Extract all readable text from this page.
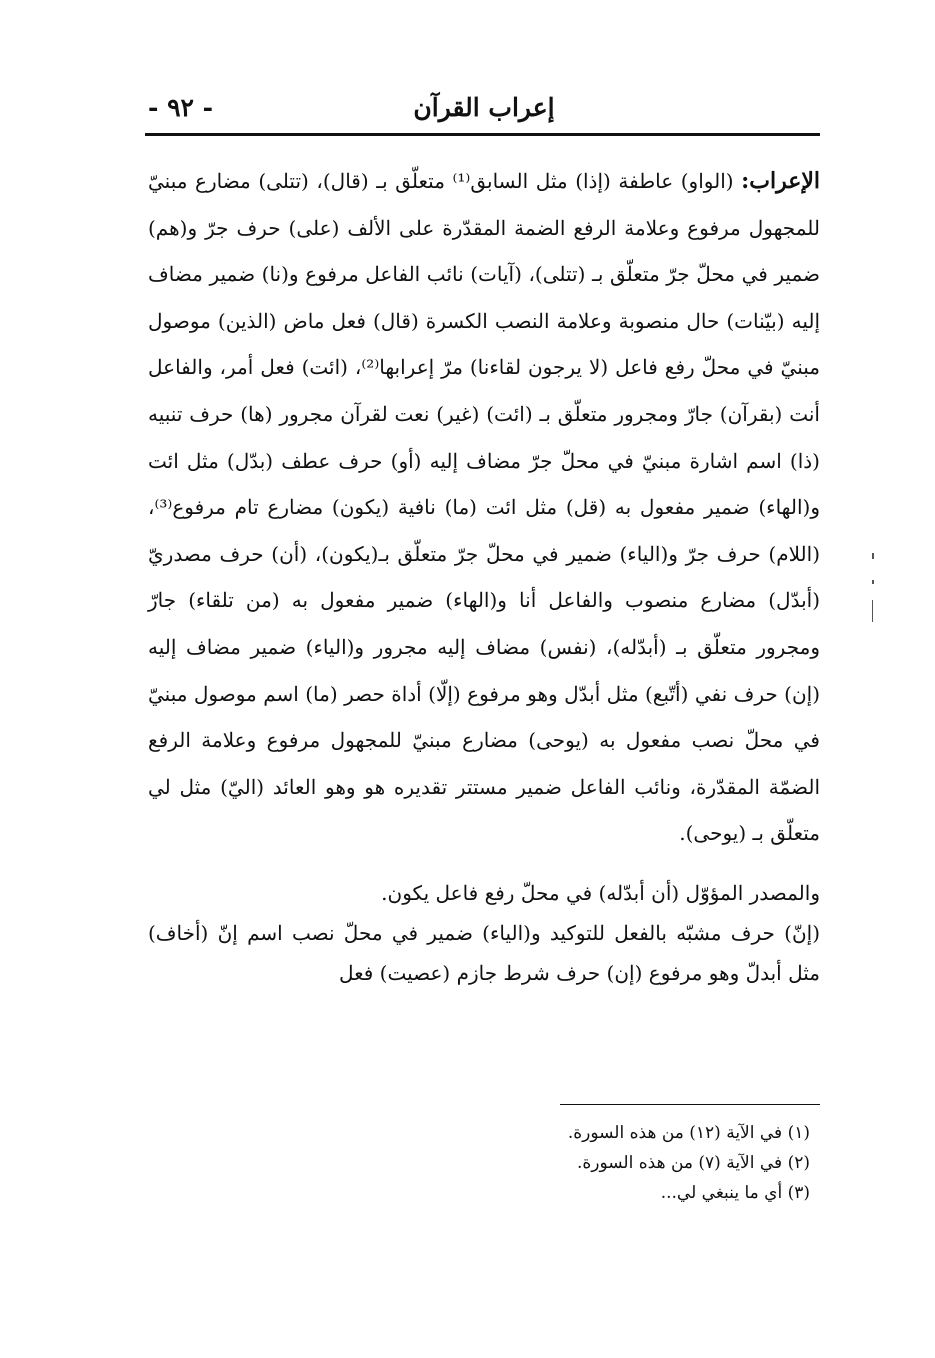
إعراب القرآن
- ٩٢ -

الإعراب: (الواو) عاطفة (إذا) مثل السابق⁽¹⁾ متعلّق بـ (قال)، (تتلى) مضارع مبنيّ للمجهول مرفوع وعلامة الرفع الضمة المقدّرة على الألف (على) حرف جرّ و(هم) ضمير في محلّ جرّ متعلّق بـ (تتلى)، (آيات) نائب الفاعل مرفوع و(نا) ضمير مضاف إليه (بيّنات) حال منصوبة وعلامة النصب الكسرة (قال) فعل ماض (الذين) موصول مبنيّ في محلّ رفع فاعل (لا يرجون لقاءنا) مرّ إعرابها⁽²⁾، (ائت) فعل أمر، والفاعل أنت (بقرآن) جارّ ومجرور متعلّق بـ (ائت) (غير) نعت لقرآن مجرور (ها) حرف تنبيه (ذا) اسم اشارة مبنيّ في محلّ جرّ مضاف إليه (أو) حرف عطف (بدّل) مثل ائت و(الهاء) ضمير مفعول به (قل) مثل ائت (ما) نافية (يكون) مضارع تام مرفوع⁽³⁾، (اللام) حرف جرّ و(الياء) ضمير في محلّ جرّ متعلّق بـ(يكون)، (أن) حرف مصدريّ (أبدّل) مضارع منصوب والفاعل أنا و(الهاء) ضمير مفعول به (من تلقاء) جارّ ومجرور متعلّق بـ (أبدّله)، (نفس) مضاف إليه مجرور و(الياء) ضمير مضاف إليه (إن) حرف نفي (أتّبع) مثل أبدّل وهو مرفوع (إلّا) أداة حصر (ما) اسم موصول مبنيّ في محلّ نصب مفعول به (يوحى) مضارع مبنيّ للمجهول مرفوع وعلامة الرفع الضمّة المقدّرة، ونائب الفاعل ضمير مستتر تقديره هو وهو العائد (اليّ) مثل لي متعلّق بـ (يوحى).

والمصدر المؤوّل (أن أبدّله) في محلّ رفع فاعل يكون.

(إنّ) حرف مشبّه بالفعل للتوكيد و(الياء) ضمير في محلّ نصب اسم إنّ (أخاف) مثل أبدلّ وهو مرفوع (إن) حرف شرط جازم (عصيت) فعل

(١) في الآية (١٢) من هذه السورة.

(٢) في الآية (٧) من هذه السورة.

(٣) أي ما ينبغي لي...
